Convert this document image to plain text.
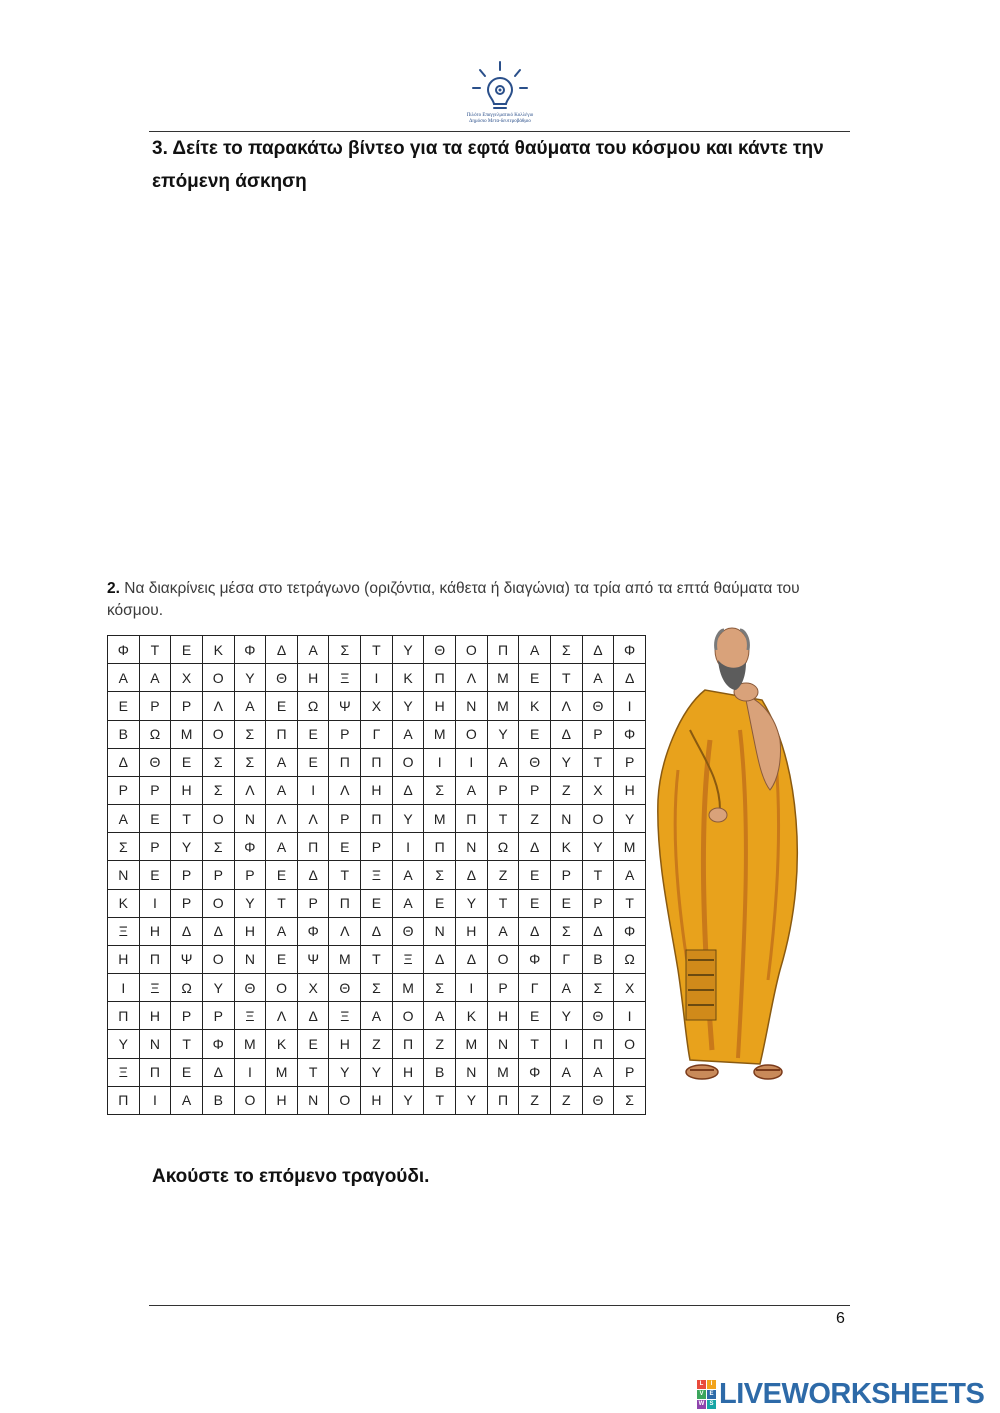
Πιλότο Επαγγελματικό Κολλέγιο
Δημόσιο Μετα-δευτεροβάθμιο

3. Δείτε το παρακάτω βίντεο για τα εφτά θαύματα του κόσμου και κάντε την επόμενη άσκηση

2. Να διακρίνεις μέσα στο τετράγωνο (οριζόντια, κάθετα ή διαγώνια) τα τρία από τα επτά θαύματα του κόσμου.

Φ	Τ	Ε	Κ	Φ	Δ	Α	Σ	Τ	Υ	Θ	Ο	Π	Α	Σ	Δ	Φ
Α	Α	Χ	Ο	Υ	Θ	Η	Ξ	Ι	Κ	Π	Λ	Μ	Ε	Τ	Α	Δ
Ε	Ρ	Ρ	Λ	Α	Ε	Ω	Ψ	Χ	Υ	Η	Ν	Μ	Κ	Λ	Θ	Ι
Β	Ω	Μ	Ο	Σ	Π	Ε	Ρ	Γ	Α	Μ	Ο	Υ	Ε	Δ	Ρ	Φ
Δ	Θ	Ε	Σ	Σ	Α	Ε	Π	Π	Ο	Ι	Ι	Α	Θ	Υ	Τ	Ρ
Ρ	Ρ	Η	Σ	Λ	Α	Ι	Λ	Η	Δ	Σ	Α	Ρ	Ρ	Ζ	Χ	Η
Α	Ε	Τ	Ο	Ν	Λ	Λ	Ρ	Π	Υ	Μ	Π	Τ	Ζ	Ν	Ο	Υ
Σ	Ρ	Υ	Σ	Φ	Α	Π	Ε	Ρ	Ι	Π	Ν	Ω	Δ	Κ	Υ	Μ
Ν	Ε	Ρ	Ρ	Ρ	Ε	Δ	Τ	Ξ	Α	Σ	Δ	Ζ	Ε	Ρ	Τ	Α
Κ	Ι	Ρ	Ο	Υ	Τ	Ρ	Π	Ε	Α	Ε	Υ	Τ	Ε	Ε	Ρ	Τ
Ξ	Η	Δ	Δ	Η	Α	Φ	Λ	Δ	Θ	Ν	Η	Α	Δ	Σ	Δ	Φ
Η	Π	Ψ	Ο	Ν	Ε	Ψ	Μ	Τ	Ξ	Δ	Δ	Ο	Φ	Γ	Β	Ω
Ι	Ξ	Ω	Υ	Θ	Ο	Χ	Θ	Σ	Μ	Σ	Ι	Ρ	Γ	Α	Σ	Χ
Π	Η	Ρ	Ρ	Ξ	Λ	Δ	Ξ	Α	Ο	Α	Κ	Η	Ε	Υ	Θ	Ι
Υ	Ν	Τ	Φ	Μ	Κ	Ε	Η	Ζ	Π	Ζ	Μ	Ν	Τ	Ι	Π	Ο
Ξ	Π	Ε	Δ	Ι	Μ	Τ	Υ	Υ	Η	Β	Ν	Μ	Φ	Α	Α	Ρ
Π	Ι	Α	Β	Ο	Η	Ν	Ο	Η	Υ	Τ	Υ	Π	Ζ	Ζ	Θ	Σ

Ακούστε το επόμενο τραγούδι.

6

L	I
V E
W S LIVEWORKSHEETS
